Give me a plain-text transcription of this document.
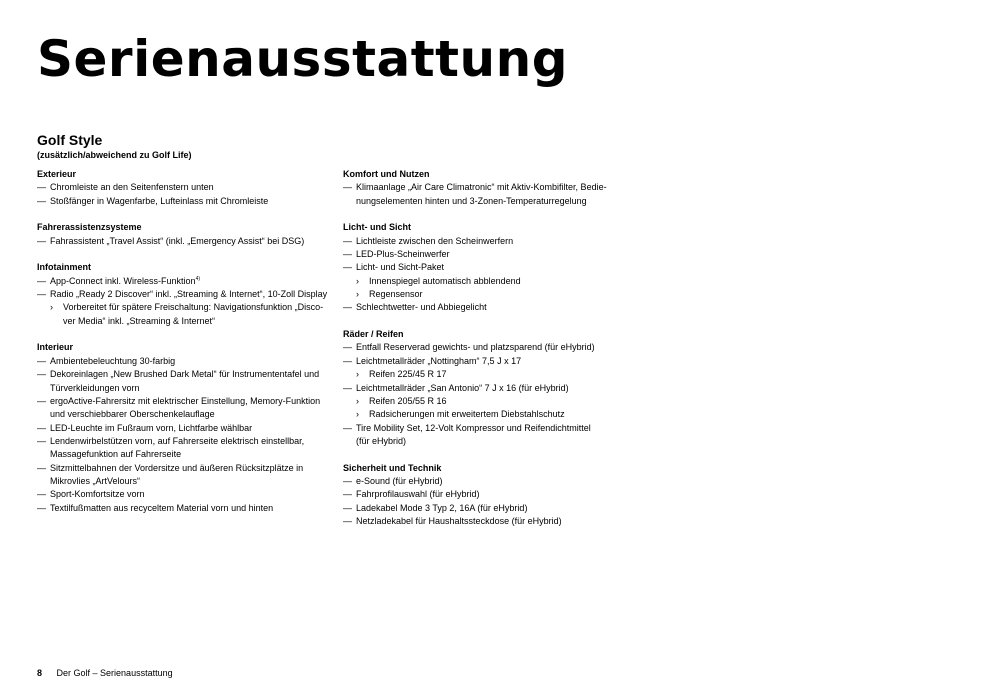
Serienausstattung
Golf Style
(zusätzlich/abweichend zu Golf Life)
Exterieur
— Chromleiste an den Seitenfenstern unten
— Stoßfänger in Wagenfarbe, Lufteinlass mit Chromleiste
Fahrerassistenzsysteme
— Fahrassistent „Travel Assist“ (inkl. „Emergency Assist“ bei DSG)
Infotainment
— App-Connect inkl. Wireless-Funktion$^{4)}$
— Radio „Ready 2 Discover“ inkl. „Streaming & Internet“, 10-Zoll Display
› Vorbereitet für spätere Freischaltung: Navigationsfunktion „Disco-
ver Media“ inkl. „Streaming & Internet“
Interieur
— Ambientebeleuchtung 30-farbig
— Dekoreinlagen „New Brushed Dark Metal“ für Instrumententafel und
Türverkleidungen vorn
— ergoActive-Fahrersitz mit elektrischer Einstellung, Memory-Funktion
und verschiebbarer Oberschenkelauflage
— LED-Leuchte im Fußraum vorn, Lichtfarbe wählbar
— Lendenwirbelstützen vorn, auf Fahrerseite elektrisch einstellbar,
Massagefunktion auf Fahrerseite
— Sitzmittelbahnen der Vordersitze und äußeren Rücksitzplätze in
Mikrovlies „ArtVelours“
— Sport-Komfortsitze vorn
— Textilfußmatten aus recyceltem Material vorn und hinten
Komfort und Nutzen
— Klimaanlage „Air Care Climatronic“ mit Aktiv-Kombifilter, Bedie-
nungselementen hinten und 3-Zonen-Temperaturregelung
Licht- und Sicht
— Lichtleiste zwischen den Scheinwerfern
— LED-Plus-Scheinwerfer
— Licht- und Sicht-Paket
› Innenspiegel automatisch abblendend
› Regensensor
— Schlechtwetter- und Abbiegelicht
Räder / Reifen
— Entfall Reserverad gewichts- und platzsparend (für eHybrid)
— Leichtmetallräder „Nottingham“ 7,5 J x 17
› Reifen 225/45 R 17
— Leichtmetallräder „San Antonio“ 7 J x 16 (für eHybrid)
› Reifen 205/55 R 16
› Radsicherungen mit erweitertem Diebstahlschutz
— Tire Mobility Set, 12-Volt Kompressor und Reifendichtmittel
(für eHybrid)
Sicherheit und Technik
— e-Sound (für eHybrid)
— Fahrprofilauswahl (für eHybrid)
— Ladekabel Mode 3 Typ 2, 16A (für eHybrid)
— Netzladekabel für Haushaltssteckdose (für eHybrid)
8 Der Golf – Serienausstattung
